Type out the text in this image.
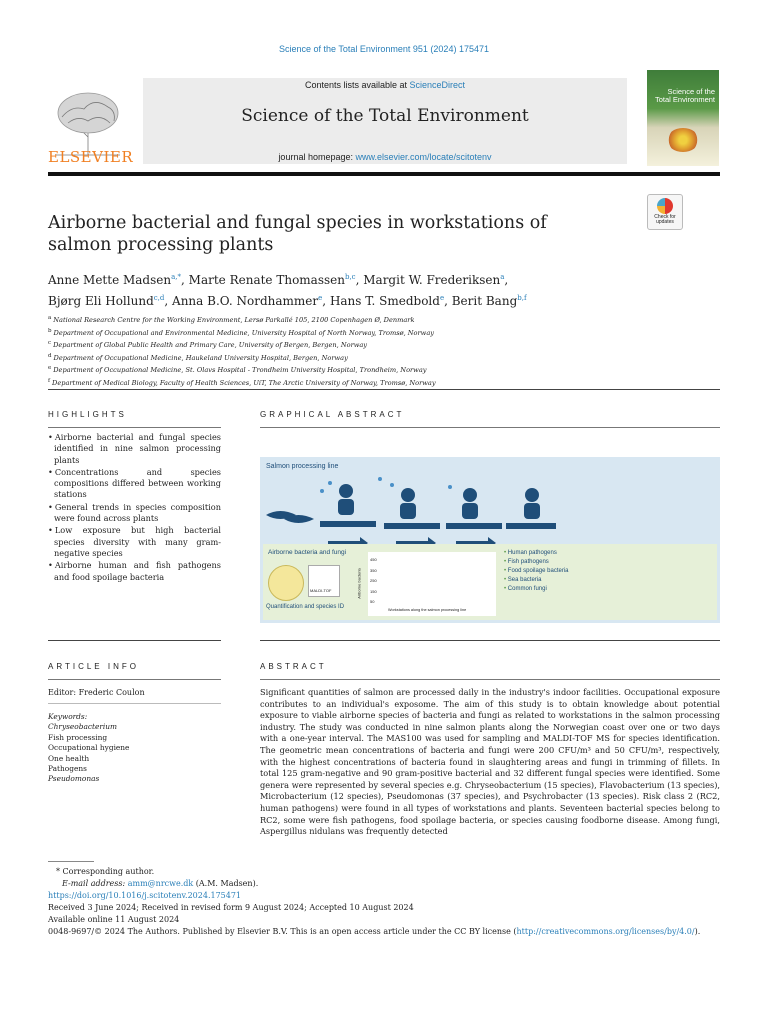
Science of the Total Environment 951 (2024) 175471
ELSEVIER
Contents lists available at ScienceDirect
Science of the Total Environment
journal homepage: www.elsevier.com/locate/scitotenv
Science of the Total Environment
Check for updates
Airborne bacterial and fungal species in workstations of salmon processing plants
Anne Mette Madsen$^{a,*}$, Marte Renate Thomassen$^{b,c}$, Margit W. Frederiksen$^a$,
Bjørg Eli Hollund$^{c,d}$, Anna B.O. Nordhammer$^e$, Hans T. Smedbold$^e$, Berit Bang$^{b,f}$
$^a$ National Research Centre for the Working Environment, Lersø Parkallé 105, 2100 Copenhagen Ø, Denmark
$^b$ Department of Occupational and Environmental Medicine, University Hospital of North Norway, Tromsø, Norway
$^c$ Department of Global Public Health and Primary Care, University of Bergen, Bergen, Norway
$^d$ Department of Occupational Medicine, Haukeland University Hospital, Bergen, Norway
$^e$ Department of Occupational Medicine, St. Olavs Hospital - Trondheim University Hospital, Trondheim, Norway
$^f$ Department of Medical Biology, Faculty of Health Sciences, UiT, The Arctic University of Norway, Tromsø, Norway
HIGHLIGHTS
• Airborne bacterial and fungal species identified in nine salmon processing plants
• Concentrations and species compositions differed between working stations
• General trends in species composition were found across plants
• Low exposure but high bacterial species diversity with many gram-negative species
• Airborne human and fish pathogens and food spoilage bacteria
GRAPHICAL ABSTRACT
Salmon processing line
Airborne bacteria and fungi
MALDI-TOF
Quantification and species ID
Airborne bacteria
450
350
250
150
50
Workstations along the salmon processing line
• Human pathogens
• Fish pathogens
• Food spoilage bacteria
• Sea bacteria
• Common fungi
ARTICLE INFO
Editor: Frederic Coulon
Keywords:
Chryseobacterium
Fish processing
Occupational hygiene
One health
Pathogens
Pseudomonas
ABSTRACT
Significant quantities of salmon are processed daily in the industry's indoor facilities. Occupational exposure contributes to an individual's exposome. The aim of this study is to obtain knowledge about potential exposure to viable airborne species of bacteria and fungi as related to workstations in the salmon processing industry. The study was conducted in nine salmon plants along the Norwegian coast over one or two days with a one-year interval. The MAS100 was used for sampling and MALDI-TOF MS for species identification. The geometric mean concentrations of bacteria and fungi were 200 CFU/m³ and 50 CFU/m³, respectively, with the highest concentrations of bacteria found in slaughtering areas and fungi in trimming of fillets. In total 125 gram-negative and 90 gram-positive bacterial and 32 different fungal species were identified. Some genera were represented by several species e.g. Chryseobacterium (15 species), Flavobacterium (13 species), Microbacterium (12 species), Pseudomonas (37 species), and Psychrobacter (13 species). Risk class 2 (RC2, human pathogens) were found in all types of workstations and plants. Seventeen bacterial species belong to RC2, some were fish pathogens, food spoilage bacteria, or species causing foodborne disease. Among fungi, Aspergillus nidulans was frequently detected
* Corresponding author.
E-mail address: amm@nrcwe.dk (A.M. Madsen).
https://doi.org/10.1016/j.scitotenv.2024.175471
Received 3 June 2024; Received in revised form 9 August 2024; Accepted 10 August 2024
Available online 11 August 2024
0048-9697/© 2024 The Authors. Published by Elsevier B.V. This is an open access article under the CC BY license (http://creativecommons.org/licenses/by/4.0/).
